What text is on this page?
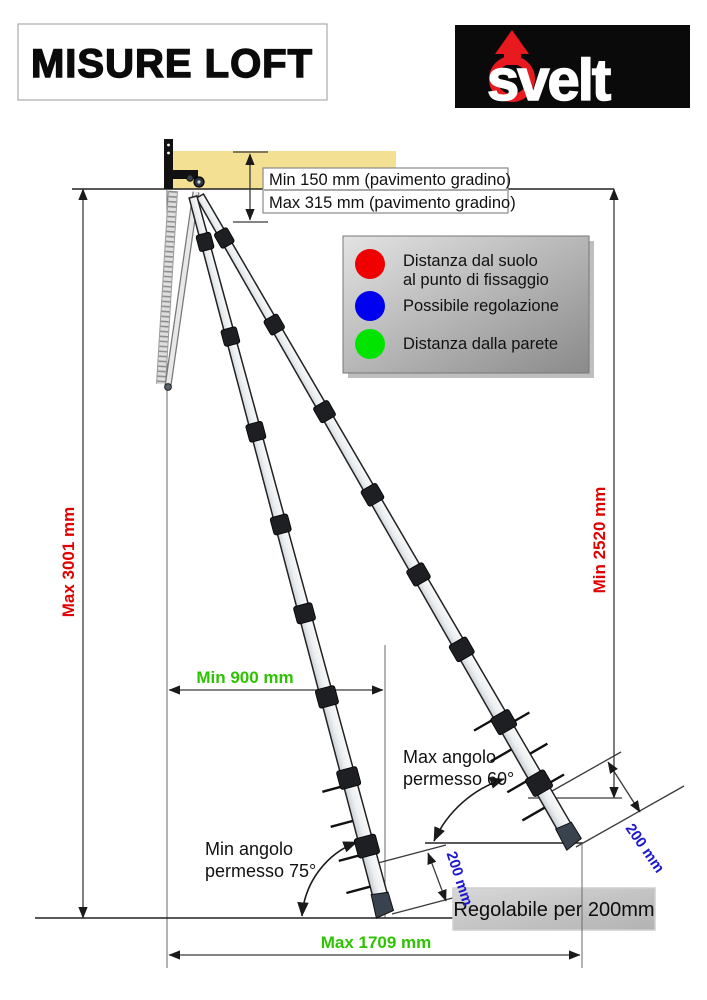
MISURE LOFT	svelt
Min 150 mm (pavimento gradino)
Max 315 mm (pavimento gradino)
Distanza dal suolo
al punto di fissaggio
Possibile regolazione
Distanza dalla parete
Regolabile per 200mm
Max 3001 mm	Min 2520 mm
Min 900 mm
Max 1709 mm
200 mm
200 mm
Min angolo
permesso 75°
Max angolo
permesso 60°
